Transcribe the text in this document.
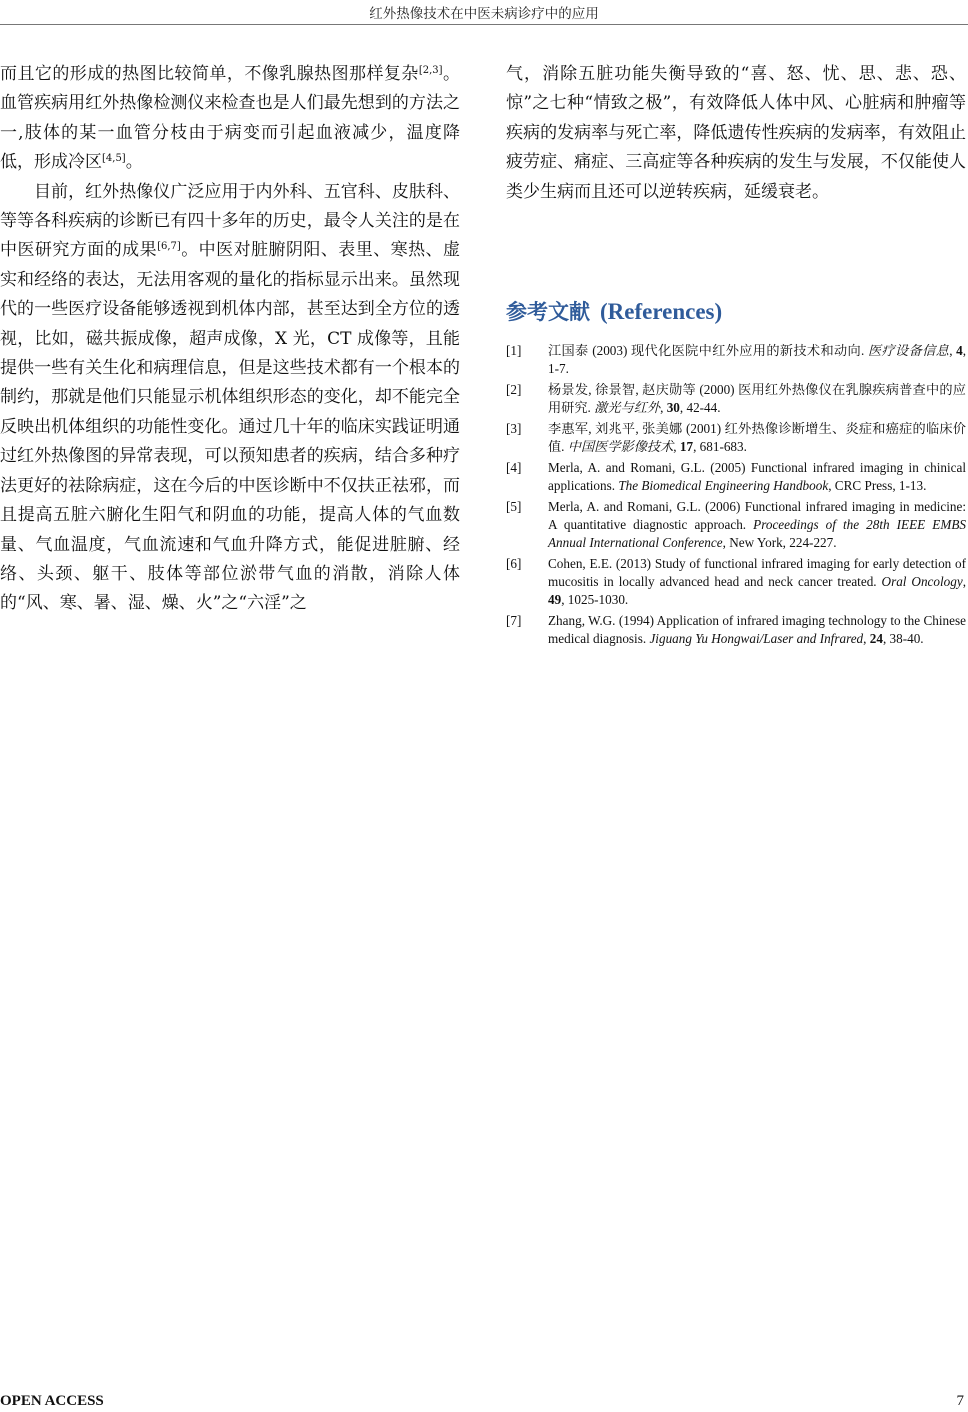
红外热像技术在中医未病诊疗中的应用

而且它的形成的热图比较简单，不像乳腺热图那样复杂[2,3]。血管疾病用红外热像检测仪来检查也是人们最先想到的方法之一,肢体的某一血管分枝由于病变而引起血液减少，温度降低，形成冷区[4,5]。

目前，红外热像仪广泛应用于内外科、五官科、皮肤科、等等各科疾病的诊断已有四十多年的历史，最令人关注的是在中医研究方面的成果[6,7]。中医对脏腑阴阳、表里、寒热、虚实和经络的表达，无法用客观的量化的指标显示出来。虽然现代的一些医疗设备能够透视到机体内部，甚至达到全方位的透视，比如，磁共振成像，超声成像，X 光，CT 成像等，且能提供一些有关生化和病理信息，但是这些技术都有一个根本的制约，那就是他们只能显示机体组织形态的变化，却不能完全反映出机体组织的功能性变化。通过几十年的临床实践证明通过红外热像图的异常表现，可以预知患者的疾病，结合多种疗法更好的祛除病症，这在今后的中医诊断中不仅扶正祛邪，而且提高五脏六腑化生阳气和阴血的功能，提高人体的气血数量、气血温度，气血流速和气血升降方式，能促进脏腑、经络、头颈、躯干、肢体等部位淤带气血的消散，消除人体的“风、寒、暑、湿、燥、火”之“六淫”之

气，消除五脏功能失衡导致的“喜、怒、忧、思、悲、恐、惊”之七种“情致之极”，有效降低人体中风、心脏病和肿瘤等疾病的发病率与死亡率，降低遗传性疾病的发病率，有效阻止疲劳症、痛症、三高症等各种疾病的发生与发展，不仅能使人类少生病而且还可以逆转疾病，延缓衰老。

参考文献 (References)
[1]	江国泰 (2003) 现代化医院中红外应用的新技术和动向. 医疗设备信息, 4, 1-7.
[2]	杨景发, 徐景智, 赵庆勋等 (2000) 医用红外热像仪在乳腺疾病普查中的应用研究. 激光与红外, 30, 42-44.
[3]	李惠军, 刘兆平, 张美娜 (2001) 红外热像诊断增生、炎症和癌症的临床价值. 中国医学影像技术, 17, 681-683.
[4]	Merla, A. and Romani, G.L. (2005) Functional infrared imaging in chinical applications. The Biomedical Engineering Handbook, CRC Press, 1-13.
[5]	Merla, A. and Romani, G.L. (2006) Functional infrared imaging in medicine: A quantitative diagnostic approach. Proceedings of the 28th IEEE EMBS Annual International Conference, New York, 224-227.
[6]	Cohen, E.E. (2013) Study of functional infrared imaging for early detection of mucositis in locally advanced head and neck cancer treated. Oral Oncology, 49, 1025-1030.
[7]	Zhang, W.G. (1994) Application of infrared imaging technology to the Chinese medical diagnosis. Jiguang Yu Hongwai/Laser and Infrared, 24, 38-40.
OPEN ACCESS	7
